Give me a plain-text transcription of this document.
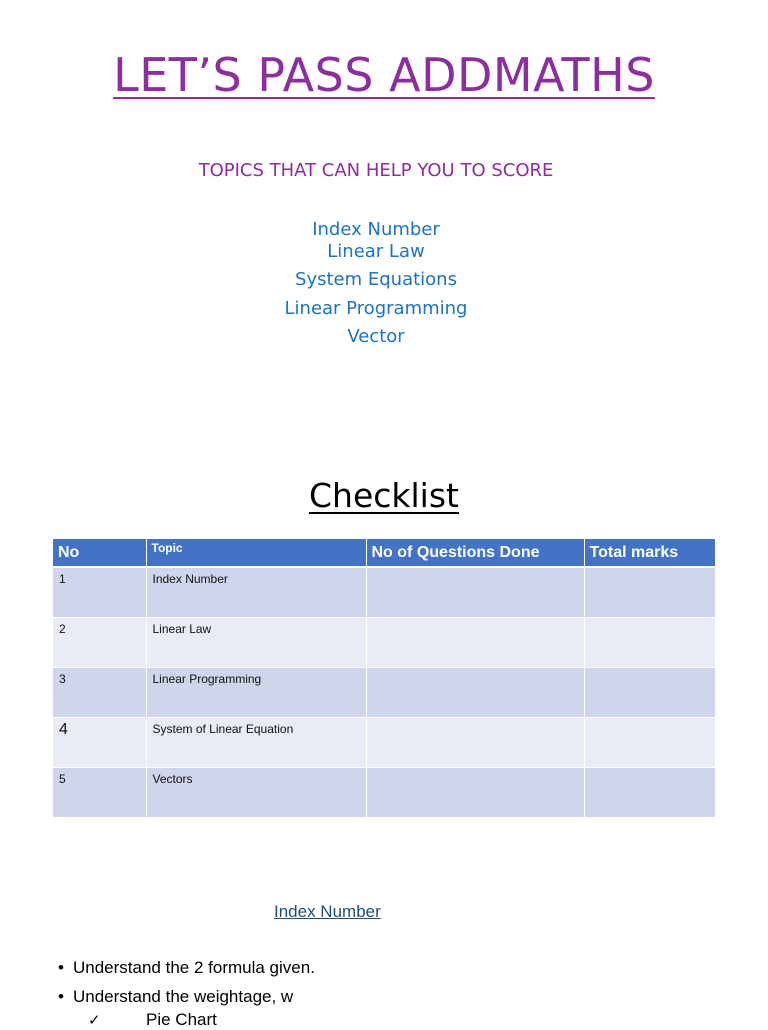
LET’S PASS ADDMATHS
TOPICS THAT CAN HELP YOU TO SCORE
Index Number
Linear Law
System Equations
Linear Programming
Vector
Checklist
No	Topic	No of Questions Done	Total marks
1	Index Number		
2	Linear Law		
3	Linear Programming		
4	System of Linear Equation		
5	Vectors		
Index Number
• Understand the 2 formula given.
• Understand the weightage, w
✓	Pie Chart
